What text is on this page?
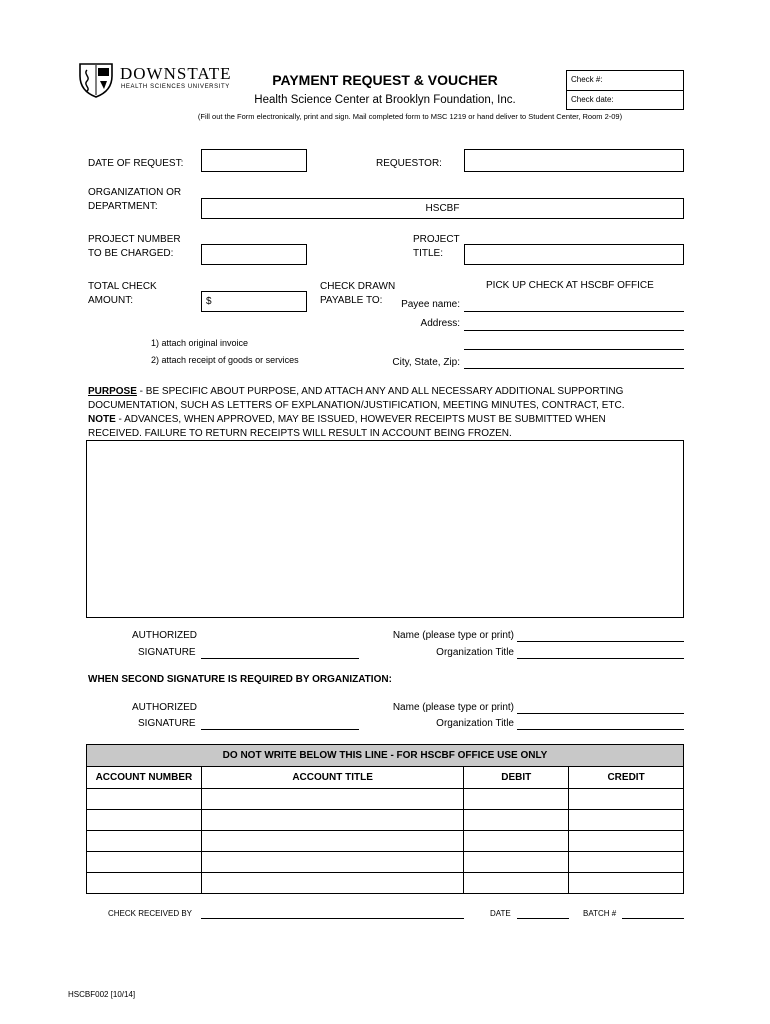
DOWNSTATE
HEALTH SCIENCES UNIVERSITY	PAYMENT REQUEST & VOUCHER
Health Science Center at Brooklyn Foundation, Inc.
(Fill out the Form electronically, print and sign. Mail completed form to MSC 1219 or hand deliver to Student Center, Room 2-09)
Check #:
Check date:
DATE OF REQUEST:	REQUESTOR:
ORGANIZATION OR
DEPARTMENT:	HSCBF
PROJECT NUMBER
TO BE CHARGED:
PROJECT
TITLE:
TOTAL CHECK
AMOUNT:	$
CHECK DRAWN
PAYABLE TO:
PICK UP CHECK AT HSCBF OFFICE
Payee name:
Address:
City, State, Zip:
1) attach original invoice
2) attach receipt of goods or services
PURPOSE - BE SPECIFIC ABOUT PURPOSE, AND ATTACH ANY AND ALL NECESSARY ADDITIONAL SUPPORTING
DOCUMENTATION, SUCH AS LETTERS OF EXPLANATION/JUSTIFICATION, MEETING MINUTES, CONTRACT, ETC.
NOTE - ADVANCES, WHEN APPROVED, MAY BE ISSUED, HOWEVER RECEIPTS MUST BE SUBMITTED WHEN
RECEIVED. FAILURE TO RETURN RECEIPTS WILL RESULT IN ACCOUNT BEING FROZEN.
AUTHORIZED
SIGNATURE
Name (please type or print)
Organization Title
WHEN SECOND SIGNATURE IS REQUIRED BY ORGANIZATION:
AUTHORIZED
SIGNATURE
Name (please type or print)
Organization Title
DO NOT WRITE BELOW THIS LINE - FOR HSCBF OFFICE USE ONLY			
ACCOUNT NUMBER	ACCOUNT TITLE	DEBIT	CREDIT

CHECK RECEIVED BY	DATE	BATCH #
HSCBF002 [10/14]
